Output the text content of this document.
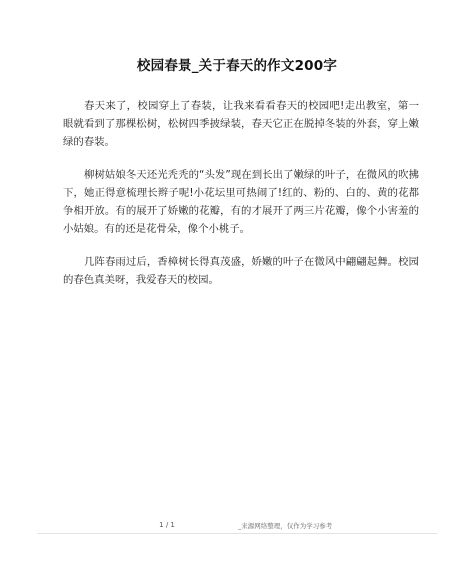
校园春景_关于春天的作文200字

春天来了，校园穿上了春装，让我来看看春天的校园吧!走出教室，第一眼就看到了那棵松树，松树四季披绿装，春天它正在脱掉冬装的外套，穿上嫩绿的春装。

柳树姑娘冬天还光秃秃的“头发”现在到长出了嫩绿的叶子，在微风的吹拂下，她正得意梳理长辫子呢!小花坛里可热闹了!红的、粉的、白的、黄的花都争相开放。有的展开了娇嫩的花瓣，有的才展开了两三片花瓣，像个小害羞的小姑娘。有的还是花骨朵，像个小桃子。

几阵春雨过后，香樟树长得真茂盛，娇嫩的叶子在微风中翩翩起舞。校园的春色真美呀，我爱春天的校园。

1 / 1	_来源网络整理，仅作为学习参考
